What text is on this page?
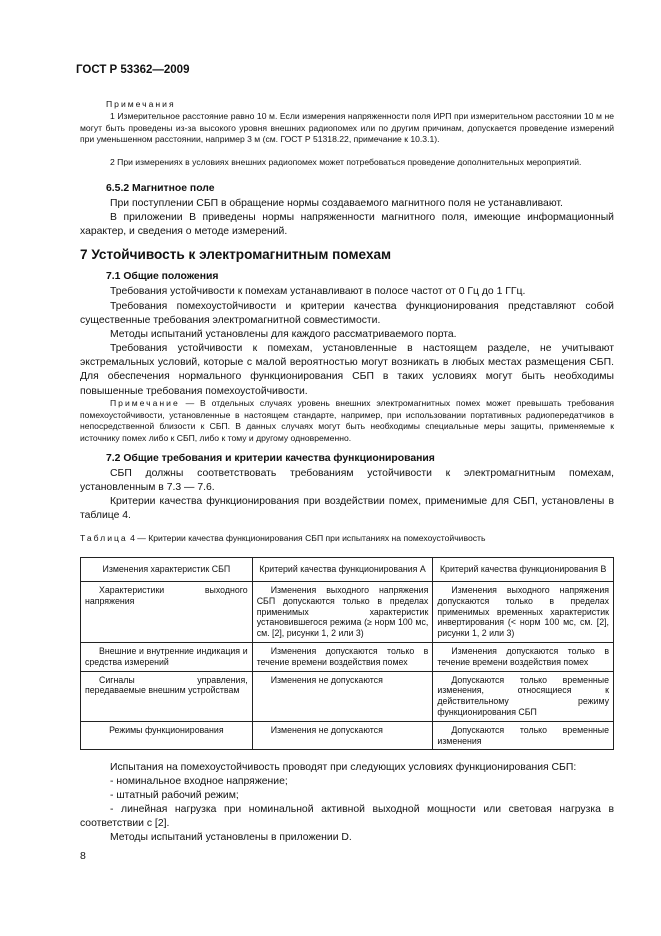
ГОСТ Р 53362—2009
Примечания
1 Измерительное расстояние равно 10 м. Если измерения напряженности поля ИРП при измерительном расстоянии 10 м не могут быть проведены из-за высокого уровня внешних радиопомех или по другим причинам, допускается проведение измерений при уменьшенном расстоянии, например 3 м (см. ГОСТ Р 51318.22, примечание к 10.3.1).
2 При измерениях в условиях внешних радиопомех может потребоваться проведение дополнительных мероприятий.
6.5.2 Магнитное поле
При поступлении СБП в обращение нормы создаваемого магнитного поля не устанавливают.
В приложении В приведены нормы напряженности магнитного поля, имеющие информационный характер, и сведения о методе измерений.
7 Устойчивость к электромагнитным помехам
7.1 Общие положения
Требования устойчивости к помехам устанавливают в полосе частот от 0 Гц до 1 ГГц.
Требования помехоустойчивости и критерии качества функционирования представляют собой существенные требования электромагнитной совместимости.
Методы испытаний установлены для каждого рассматриваемого порта.
Требования устойчивости к помехам, установленные в настоящем разделе, не учитывают экстремальных условий, которые с малой вероятностью могут возникать в любых местах размещения СБП. Для обеспечения нормального функционирования СБП в таких условиях могут быть необходимы повышенные требования помехоустойчивости.
Примечание — В отдельных случаях уровень внешних электромагнитных помех может превышать требования помехоустойчивости, установленные в настоящем стандарте, например, при использовании портативных радиопередатчиков в непосредственной близости к СБП. В данных случаях могут быть необходимы специальные меры защиты, применяемые к источнику помех либо к СБП, либо к тому и другому одновременно.
7.2 Общие требования и критерии качества функционирования
СБП должны соответствовать требованиям устойчивости к электромагнитным помехам, установленным в 7.3 — 7.6.
Критерии качества функционирования при воздействии помех, применимые для СБП, установлены в таблице 4.
Таблица 4 — Критерии качества функционирования СБП при испытаниях на помехоустойчивость
Изменения характеристик СБП	Критерий качества функционирования А	Критерий качества функционирования В
Характеристики выходного напряжения	Изменения выходного напряжения СБП допускаются только в пределах применимых характеристик установившегося режима (≥ норм 100 мс, см. [2], рисунки 1, 2 или 3)	Изменения выходного напряжения допускаются только в пределах применимых временных характеристик инвертирования (< норм 100 мс, см. [2], рисунки 1, 2 или 3)
Внешние и внутренние индикация и средства измерений	Изменения допускаются только в течение времени воздействия помех	Изменения допускаются только в течение времени воздействия помех
Сигналы управления, передаваемые внешним устройствам	Изменения не допускаются	Допускаются только временные изменения, относящиеся к действительному режиму функционирования СБП
Режимы функционирования	Изменения не допускаются	Допускаются только временные изменения
Испытания на помехоустойчивость проводят при следующих условиях функционирования СБП:
- номинальное входное напряжение;
- штатный рабочий режим;
- линейная нагрузка при номинальной активной выходной мощности или световая нагрузка в соответствии с [2].
Методы испытаний установлены в приложении D.
8
